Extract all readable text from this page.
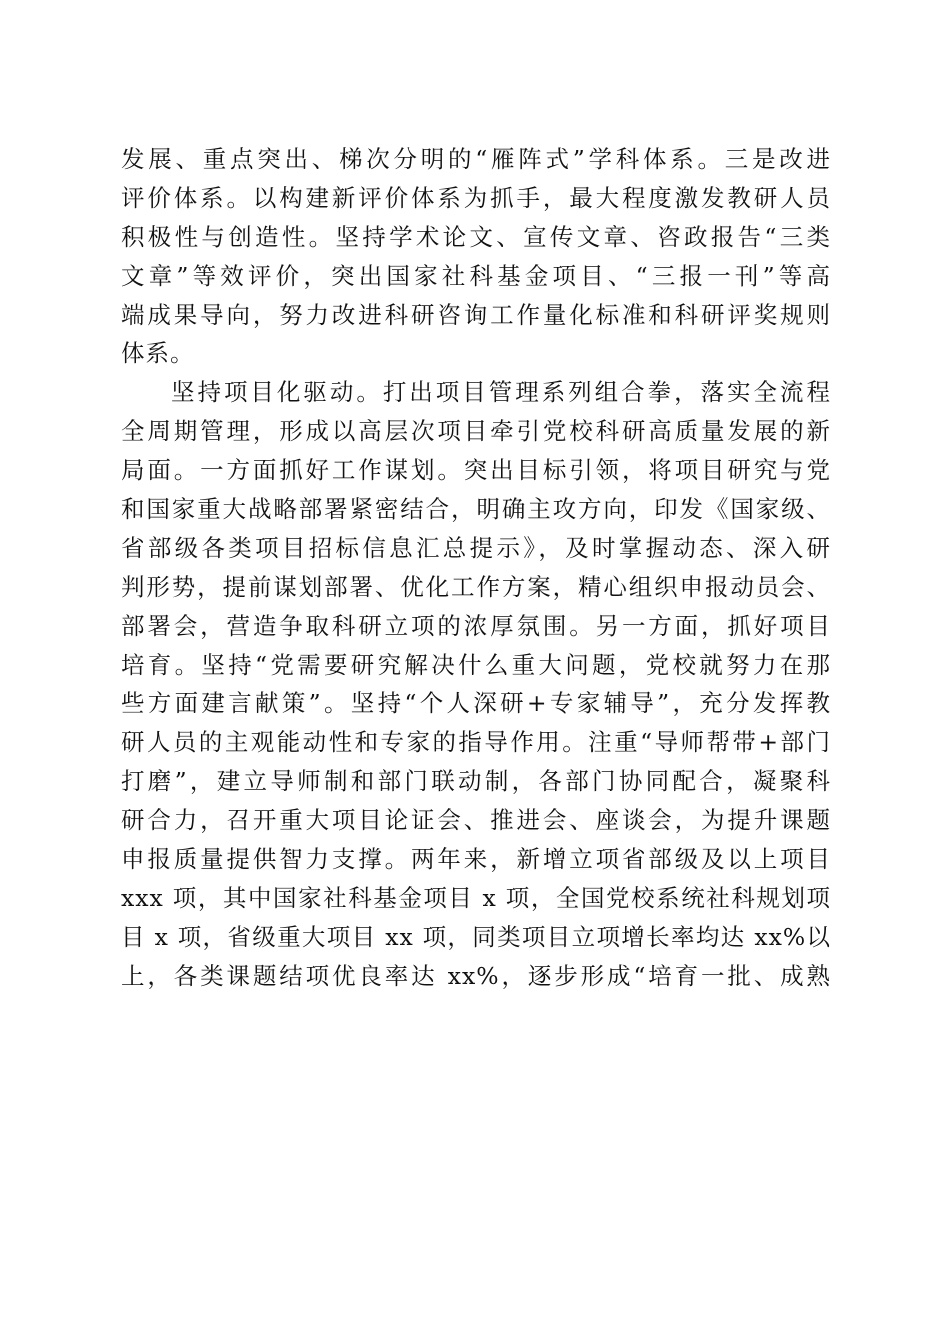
发展、重点突出、梯次分明的“雁阵式”学科体系。三是改进
评价体系。以构建新评价体系为抓手，最大程度激发教研人员
积极性与创造性。坚持学术论文、宣传文章、咨政报告“三类
文章”等效评价，突出国家社科基金项目、“三报一刊”等高
端成果导向，努力改进科研咨询工作量化标准和科研评奖规则
体系。
坚持项目化驱动。打出项目管理系列组合拳，落实全流程
全周期管理，形成以高层次项目牵引党校科研高质量发展的新
局面。一方面抓好工作谋划。突出目标引领，将项目研究与党
和国家重大战略部署紧密结合，明确主攻方向，印发《国家级、
省部级各类项目招标信息汇总提示》，及时掌握动态、深入研
判形势，提前谋划部署、优化工作方案，精心组织申报动员会、
部署会，营造争取科研立项的浓厚氛围。另一方面，抓好项目
培育。坚持“党需要研究解决什么重大问题，党校就努力在那
些方面建言献策”。坚持“个人深研+专家辅导”，充分发挥教
研人员的主观能动性和专家的指导作用。注重“导师帮带+部门
打磨”，建立导师制和部门联动制，各部门协同配合，凝聚科
研合力，召开重大项目论证会、推进会、座谈会，为提升课题
申报质量提供智力支撑。两年来，新增立项省部级及以上项目
xxx 项，其中国家社科基金项目 x 项，全国党校系统社科规划项
目 x 项，省级重大项目 xx 项，同类项目立项增长率均达 xx%以
上，各类课题结项优良率达 xx%，逐步形成“培育一批、成熟
